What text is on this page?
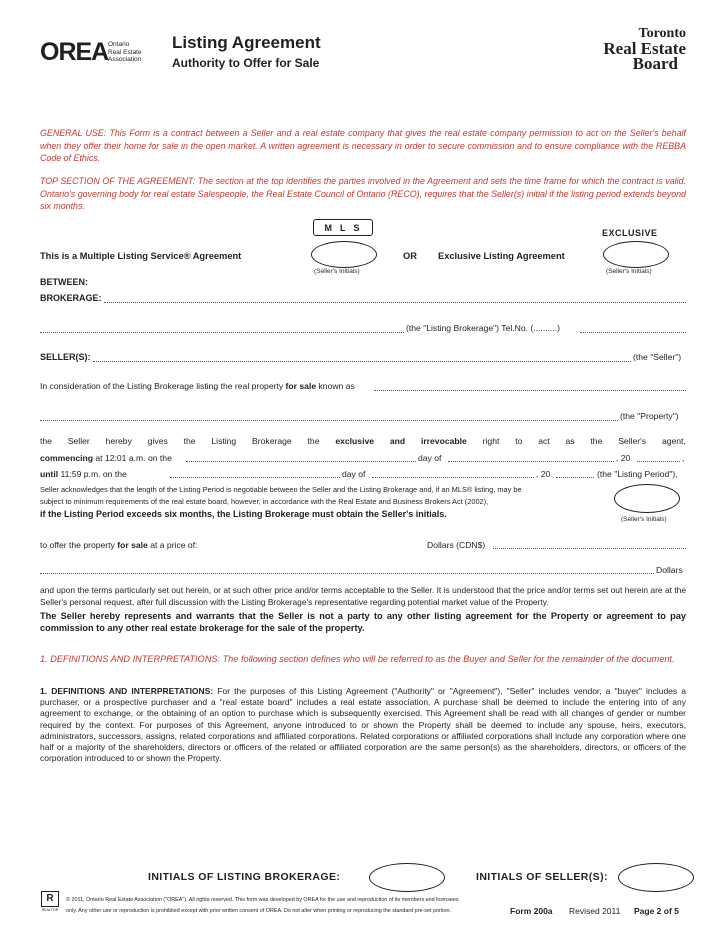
OREA Ontario
Real Estate
Association
Listing Agreement
Authority to Offer for Sale
Toronto
Real Estate
Board
GENERAL USE: This Form is a contract between a Seller and a real estate company that gives the real estate company permission to act on the Seller's behalf when they offer their home for sale in the open market. A written agreement is necessary in order to secure commission and to ensure compliance with the REBBA Code of Ethics.
TOP SECTION OF THE AGREEMENT: The section at the top identifies the parties involved in the Agreement and sets the time frame for which the contract is valid. Ontario's governing body for real estate Salespeople, the Real Estate Council of Ontario (RECO), requires that the Seller(s) initial if the listing period extends beyond six months.
MLS
EXCLUSIVE
This is a Multiple Listing Service® Agreement
(Seller's Initials)
OR Exclusive Listing Agreement
(Seller's Initials)
BETWEEN:
BROKERAGE:
(the "Listing Brokerage") Tel.No. (..........)
SELLER(S):	(the "Seller")
In consideration of the Listing Brokerage listing the real property for sale known as
(the "Property")
the Seller hereby gives the Listing Brokerage the exclusive and irrevocable right to act as the Seller's agent,
commencing at 12:01 a.m. on the	day of	, 20	,
until 11:59 p.m. on the	day of	, 20	(the "Listing Period"),
Seller acknowledges that the length of the Listing Period is negotiable between the Seller and the Listing Brokerage and, if an MLS® listing, may be
subject to minimum requirements of the real estate board, however, in accordance with the Real Estate and Business Brokers Act (2002),
if the Listing Period exceeds six months, the Listing Brokerage must obtain the Seller's initials.
(Seller's Initials)
to offer the property for sale at a price of:	Dollars (CDN$)
Dollars
and upon the terms particularly set out herein, or at such other price and/or terms acceptable to the Seller. It is understood that the price and/or terms set out herein are at the Seller's personal request, after full discussion with the Listing Brokerage's representative regarding potential market value of the Property.
The Seller hereby represents and warrants that the Seller is not a party to any other listing agreement for the Property or agreement to pay commission to any other real estate brokerage for the sale of the property.
1. DEFINITIONS AND INTERPRETATIONS: The following section defines who will be referred to as the Buyer and Seller for the remainder of the document.
1. DEFINITIONS AND INTERPRETATIONS: For the purposes of this Listing Agreement ("Authority" or "Agreement"), "Seller" includes vendor, a "buyer" includes a purchaser, or a prospective purchaser and a "real estate board" includes a real estate association. A purchase shall be deemed to include the entering into of any agreement to exchange, or the obtaining of an option to purchase which is subsequently exercised. This Agreement shall be read with all changes of gender or number required by the context. For purposes of this Agreement, anyone introduced to or shown the Property shall be deemed to include any spouse, heirs, executors, administrators, successors, assigns, related corporations and affiliated corporations. Related corporations or affiliated corporations shall include any corporation where one half or a majority of the shareholders, directors or officers of the related or affiliated corporation are the same person(s) as the shareholders, directors, or officers of the corporation introduced to or shown the Property.
INITIALS OF LISTING BROKERAGE:	INITIALS OF SELLER(S):
R
REALTOR
© 2011, Ontario Real Estate Association ("OREA"). All rights reserved. This form was developed by OREA for the use and reproduction of its members and licensees
only. Any other use or reproduction is prohibited except with prior written consent of OREA. Do not alter when printing or reproducing the standard pre-set portion.	Form 200a Revised 2011 Page 2 of 5
